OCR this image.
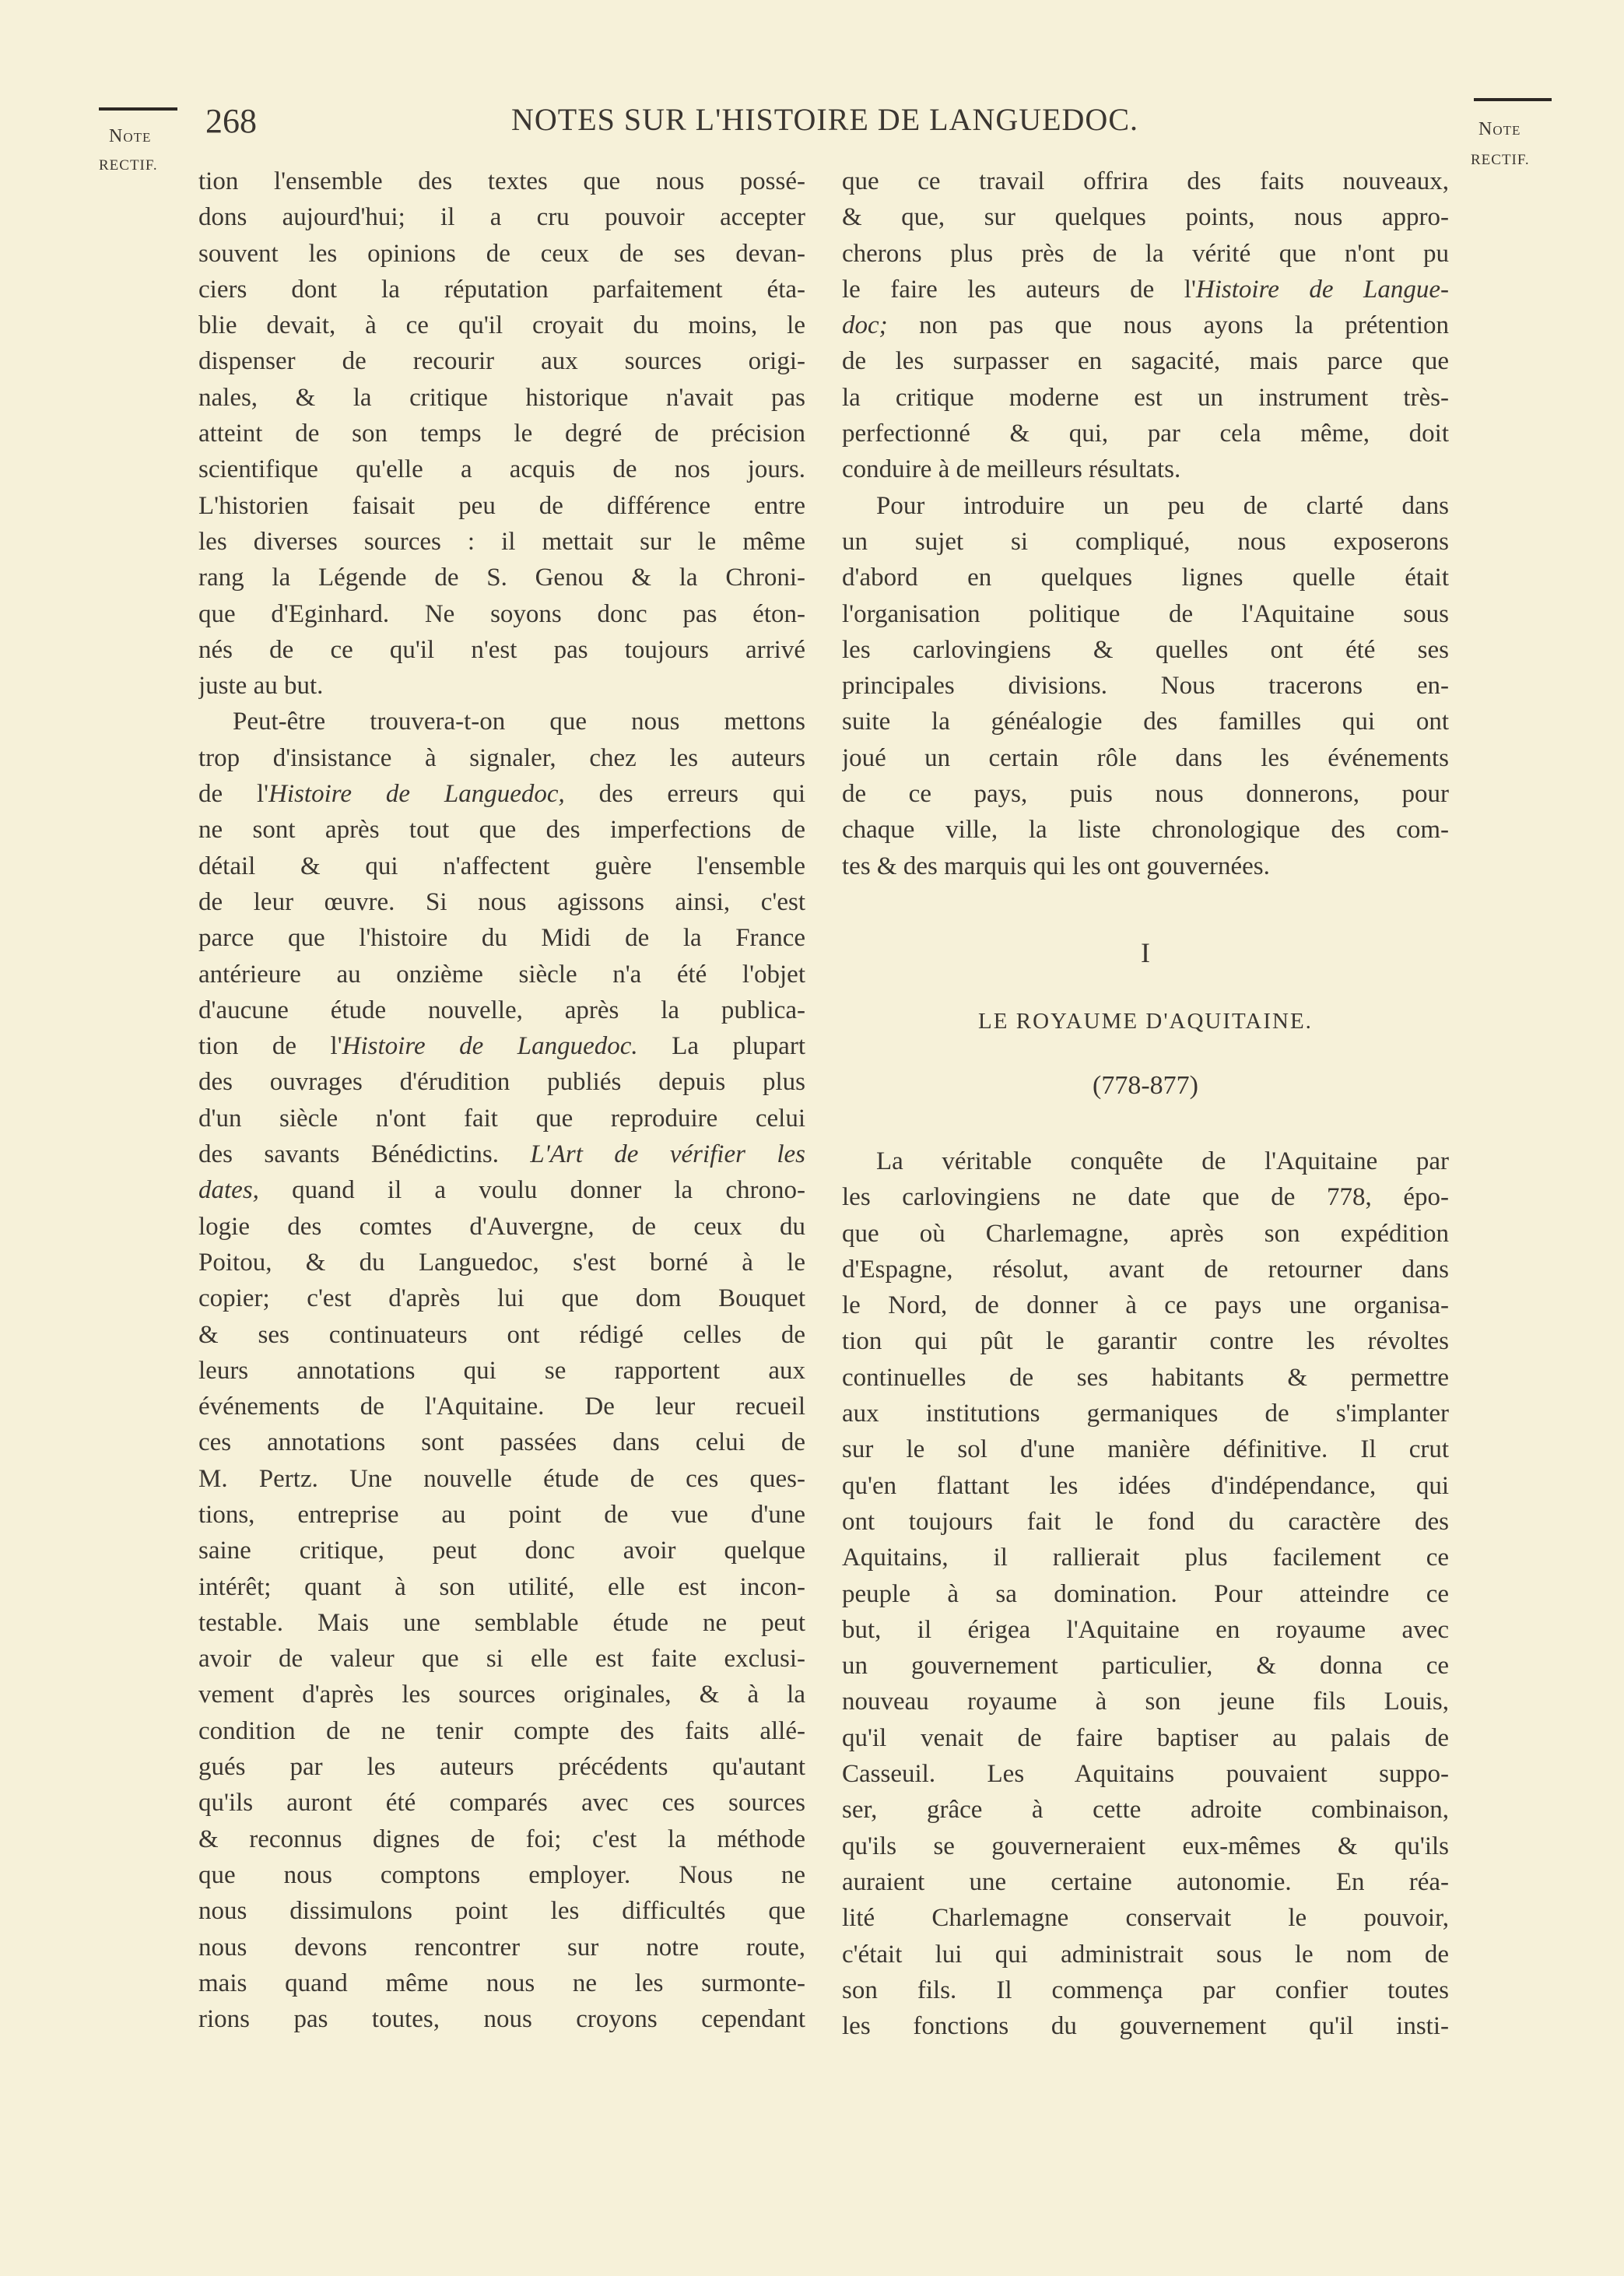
Note
RECTIF.
268	NOTES SUR L'HISTOIRE DE LANGUEDOC.	Note
RECTIF.
tion l'ensemble des textes que nous possé-
dons aujourd'hui; il a cru pouvoir accepter
souvent les opinions de ceux de ses devan-
ciers dont la réputation parfaitement éta-
blie devait, à ce qu'il croyait du moins, le
dispenser de recourir aux sources origi-
nales, & la critique historique n'avait pas
atteint de son temps le degré de précision
scientifique qu'elle a acquis de nos jours.
L'historien faisait peu de différence entre
les diverses sources : il mettait sur le même
rang la Légende de S. Genou & la Chroni-
que d'Eginhard. Ne soyons donc pas éton-
nés de ce qu'il n'est pas toujours arrivé
juste au but.
Peut-être trouvera-t-on que nous mettons
trop d'insistance à signaler, chez les auteurs
de l'Histoire de Languedoc, des erreurs qui
ne sont après tout que des imperfections de
détail & qui n'affectent guère l'ensemble
de leur œuvre. Si nous agissons ainsi, c'est
parce que l'histoire du Midi de la France
antérieure au onzième siècle n'a été l'objet
d'aucune étude nouvelle, après la publica-
tion de l'Histoire de Languedoc. La plupart
des ouvrages d'érudition publiés depuis plus
d'un siècle n'ont fait que reproduire celui
des savants Bénédictins. L'Art de vérifier les
dates, quand il a voulu donner la chrono-
logie des comtes d'Auvergne, de ceux du
Poitou, & du Languedoc, s'est borné à le
copier; c'est d'après lui que dom Bouquet
& ses continuateurs ont rédigé celles de
leurs annotations qui se rapportent aux
événements de l'Aquitaine. De leur recueil
ces annotations sont passées dans celui de
M. Pertz. Une nouvelle étude de ces ques-
tions, entreprise au point de vue d'une
saine critique, peut donc avoir quelque
intérêt; quant à son utilité, elle est incon-
testable. Mais une semblable étude ne peut
avoir de valeur que si elle est faite exclusi-
vement d'après les sources originales, & à la
condition de ne tenir compte des faits allé-
gués par les auteurs précédents qu'autant
qu'ils auront été comparés avec ces sources
& reconnus dignes de foi; c'est la méthode
que nous comptons employer. Nous ne
nous dissimulons point les difficultés que
nous devons rencontrer sur notre route,
mais quand même nous ne les surmonte-
rions pas toutes, nous croyons cependant
que ce travail offrira des faits nouveaux,
& que, sur quelques points, nous appro-
cherons plus près de la vérité que n'ont pu
le faire les auteurs de l'Histoire de Langue-
doc; non pas que nous ayons la prétention
de les surpasser en sagacité, mais parce que
la critique moderne est un instrument très-
perfectionné & qui, par cela même, doit
conduire à de meilleurs résultats.
Pour introduire un peu de clarté dans
un sujet si compliqué, nous exposerons
d'abord en quelques lignes quelle était
l'organisation politique de l'Aquitaine sous
les carlovingiens & quelles ont été ses
principales divisions. Nous tracerons en-
suite la généalogie des familles qui ont
joué un certain rôle dans les événements
de ce pays, puis nous donnerons, pour
chaque ville, la liste chronologique des com-
tes & des marquis qui les ont gouvernées.
I
LE ROYAUME D'AQUITAINE.
(778-877)
La véritable conquête de l'Aquitaine par
les carlovingiens ne date que de 778, épo-
que où Charlemagne, après son expédition
d'Espagne, résolut, avant de retourner dans
le Nord, de donner à ce pays une organisa-
tion qui pût le garantir contre les révoltes
continuelles de ses habitants & permettre
aux institutions germaniques de s'implanter
sur le sol d'une manière définitive. Il crut
qu'en flattant les idées d'indépendance, qui
ont toujours fait le fond du caractère des
Aquitains, il rallierait plus facilement ce
peuple à sa domination. Pour atteindre ce
but, il érigea l'Aquitaine en royaume avec
un gouvernement particulier, & donna ce
nouveau royaume à son jeune fils Louis,
qu'il venait de faire baptiser au palais de
Casseuil. Les Aquitains pouvaient suppo-
ser, grâce à cette adroite combinaison,
qu'ils se gouverneraient eux-mêmes & qu'ils
auraient une certaine autonomie. En réa-
lité Charlemagne conservait le pouvoir,
c'était lui qui administrait sous le nom de
son fils. Il commença par confier toutes
les fonctions du gouvernement qu'il insti-
